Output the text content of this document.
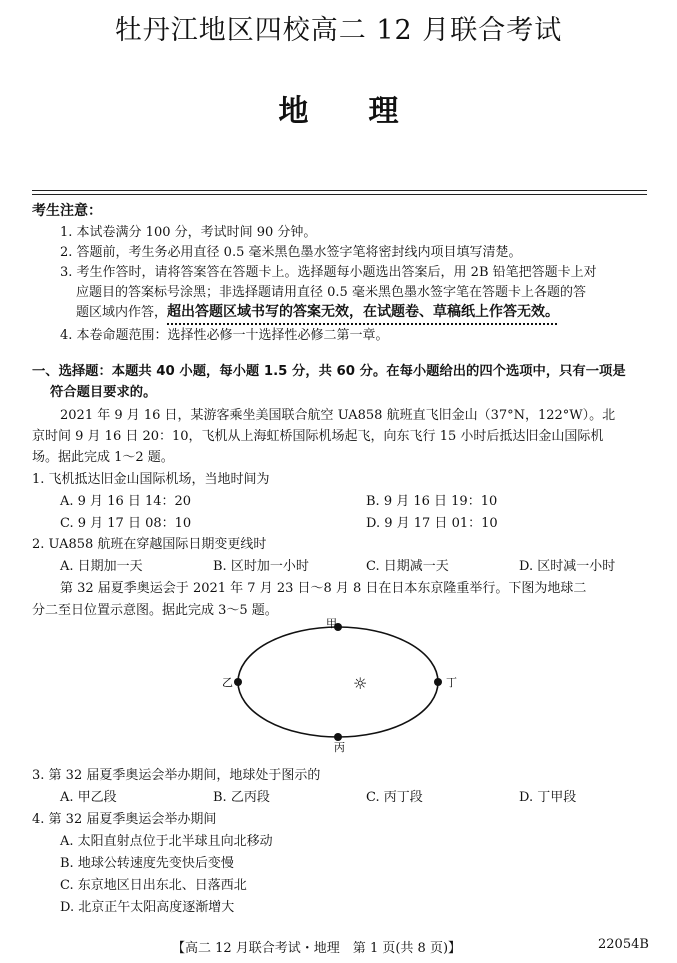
牡丹江地区四校高二 12 月联合考试
地理
考生注意：
1. 本试卷满分 100 分，考试时间 90 分钟。
2. 答题前，考生务必用直径 0.5 毫米黑色墨水签字笔将密封线内项目填写清楚。
3. 考生作答时，请将答案答在答题卡上。选择题每小题选出答案后，用 2B 铅笔把答题卡上对
应题目的答案标号涂黑；非选择题请用直径 0.5 毫米黑色墨水签字笔在答题卡上各题的答
题区域内作答，超出答题区域书写的答案无效，在试题卷、草稿纸上作答无效。
4. 本卷命题范围：选择性必修一十选择性必修二第一章。
一、选择题：本题共 40 小题，每小题 1.5 分，共 60 分。在每小题给出的四个选项中，只有一项是
符合题目要求的。
2021 年 9 月 16 日，某游客乘坐美国联合航空 UA858 航班直飞旧金山（37°N，122°W）。北
京时间 9 月 16 日 20：10，飞机从上海虹桥国际机场起飞，向东飞行 15 小时后抵达旧金山国际机
场。据此完成 1～2 题。
1. 飞机抵达旧金山国际机场，当地时间为
A. 9 月 16 日 14：20	B. 9 月 16 日 19：10
C. 9 月 17 日 08：10	D. 9 月 17 日 01：10
2. UA858 航班在穿越国际日期变更线时
A. 日期加一天	B. 区时加一小时	C. 日期减一天	D. 区时减一小时
第 32 届夏季奥运会于 2021 年 7 月 23 日～8 月 8 日在日本东京隆重举行。下图为地球二
分二至日位置示意图。据此完成 3～5 题。
甲
丁
丙
乙	☼
3. 第 32 届夏季奥运会举办期间，地球处于图示的
A. 甲乙段	B. 乙丙段	C. 丙丁段	D. 丁甲段
4. 第 32 届夏季奥运会举办期间
A. 太阳直射点位于北半球且向北移动
B. 地球公转速度先变快后变慢
C. 东京地区日出东北、日落西北
D. 北京正午太阳高度逐渐增大
【高二 12 月联合考试・地理　第 1 页(共 8 页)】	22054B
